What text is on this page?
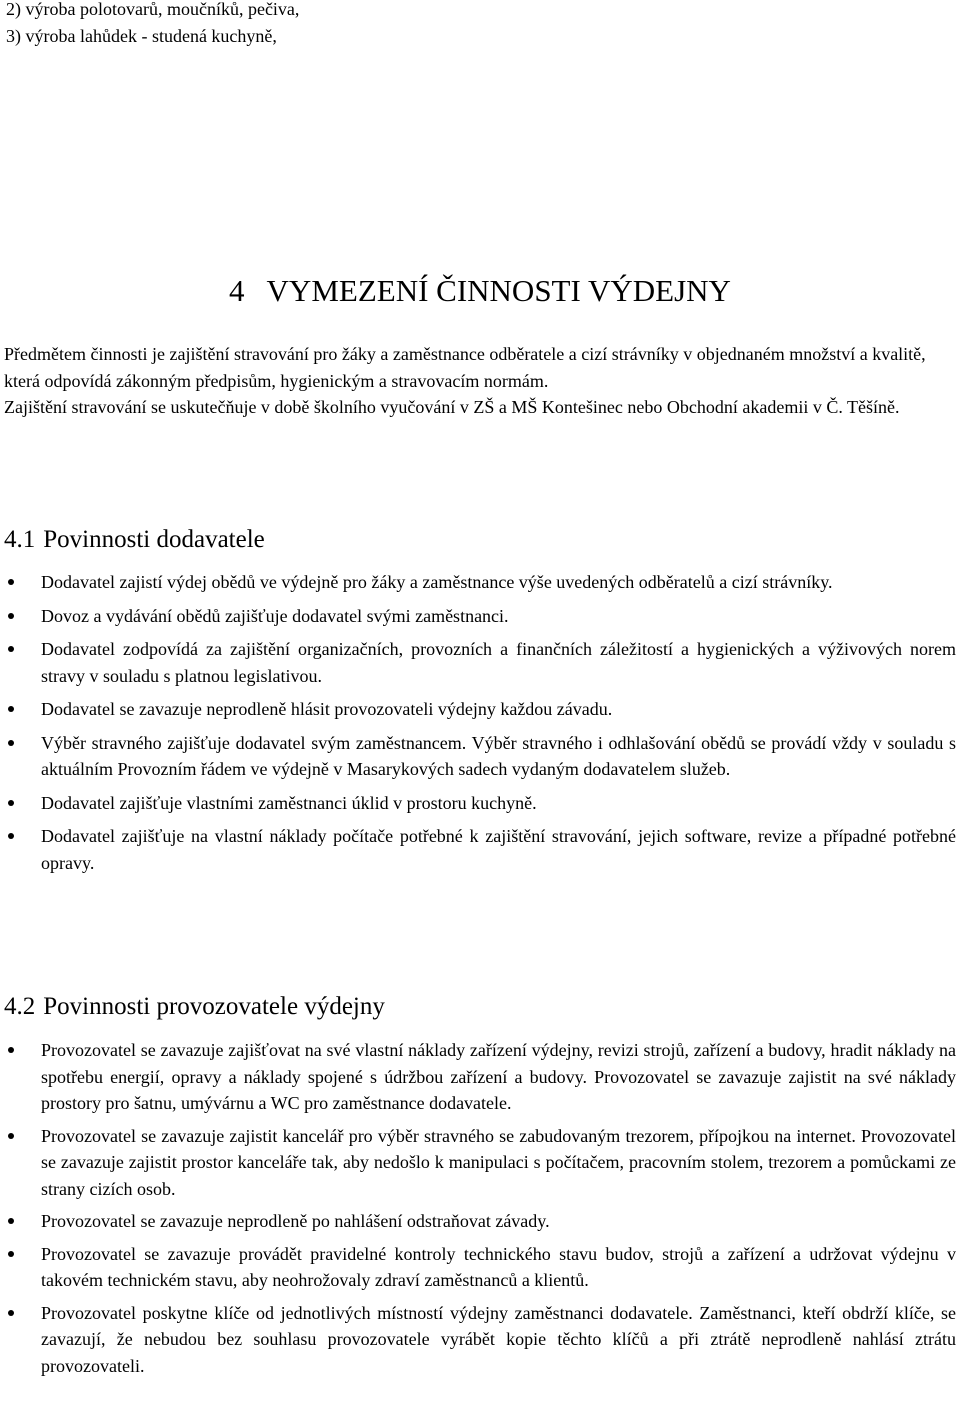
2) výroba polotovarů, moučníků, pečiva,
3) výroba lahůdek - studená kuchyně,
4 VYMEZENÍ ČINNOSTI VÝDEJNY

Předmětem činnosti je zajištění stravování pro žáky a zaměstnance odběratele a cizí strávníky v objednaném množství a kvalitě, která odpovídá zákonným předpisům, hygienickým a stravovacím normám.

Zajištění stravování se uskutečňuje v době školního vyučování v ZŠ a MŠ Kontešinec nebo Obchodní akademii v Č. Těšíně.

4.1 Povinnosti dodavatele
Dodavatel zajistí výdej obědů ve výdejně pro žáky a zaměstnance výše uvedených odběratelů a cizí strávníky.
Dovoz a vydávání obědů zajišťuje dodavatel svými zaměstnanci.
Dodavatel zodpovídá za zajištění organizačních, provozních a finančních záležitostí a hygienických a výživových norem stravy v souladu s platnou legislativou.
Dodavatel se zavazuje neprodleně hlásit provozovateli výdejny každou závadu.
Výběr stravného zajišťuje dodavatel svým zaměstnancem. Výběr stravného i odhlašování obědů se provádí vždy v souladu s aktuálním Provozním řádem ve výdejně v Masarykových sadech vydaným dodavatelem služeb.
Dodavatel zajišťuje vlastními zaměstnanci úklid v prostoru kuchyně.
Dodavatel zajišťuje na vlastní náklady počítače potřebné k zajištění stravování, jejich software, revize a případné potřebné opravy.
4.2 Povinnosti provozovatele výdejny
Provozovatel se zavazuje zajišťovat na své vlastní náklady zařízení výdejny, revizi strojů, zařízení a budovy, hradit náklady na spotřebu energií, opravy a náklady spojené s údržbou zařízení a budovy. Provozovatel se zavazuje zajistit na své náklady prostory pro šatnu, umývárnu a WC pro zaměstnance dodavatele.
Provozovatel se zavazuje zajistit kancelář pro výběr stravného se zabudovaným trezorem, přípojkou na internet. Provozovatel se zavazuje zajistit prostor kanceláře tak, aby nedošlo k manipulaci s počítačem, pracovním stolem, trezorem a pomůckami ze strany cizích osob.
Provozovatel se zavazuje neprodleně po nahlášení odstraňovat závady.
Provozovatel se zavazuje provádět pravidelné kontroly technického stavu budov, strojů a zařízení a udržovat výdejnu v takovém technickém stavu, aby neohrožovaly zdraví zaměstnanců a klientů.
Provozovatel poskytne klíče od jednotlivých místností výdejny zaměstnanci dodavatele. Zaměstnanci, kteří obdrží klíče, se zavazují, že nebudou bez souhlasu provozovatele vyrábět kopie těchto klíčů a při ztrátě neprodleně nahlásí ztrátu provozovateli.
